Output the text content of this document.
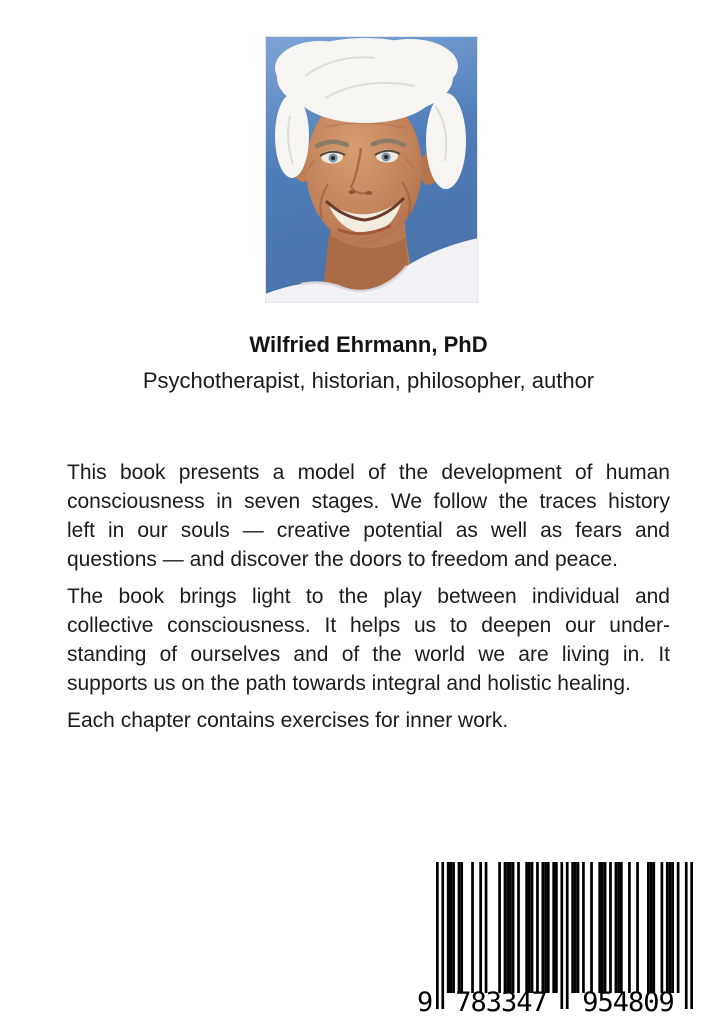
Wilfried Ehrmann, PhD
Psychotherapist, historian, philosopher, author
This book presents a model of the development of human
consciousness in seven stages. We follow the traces history
left in our souls — creative potential as well as fears and
questions — and discover the doors to freedom and peace.
The book brings light to the play between individual and
collective consciousness. It helps us to deepen our under-
standing of ourselves and of the world we are living in. It
supports us on the path towards integral and holistic healing.
Each chapter contains exercises for inner work.
9 783347	954809
